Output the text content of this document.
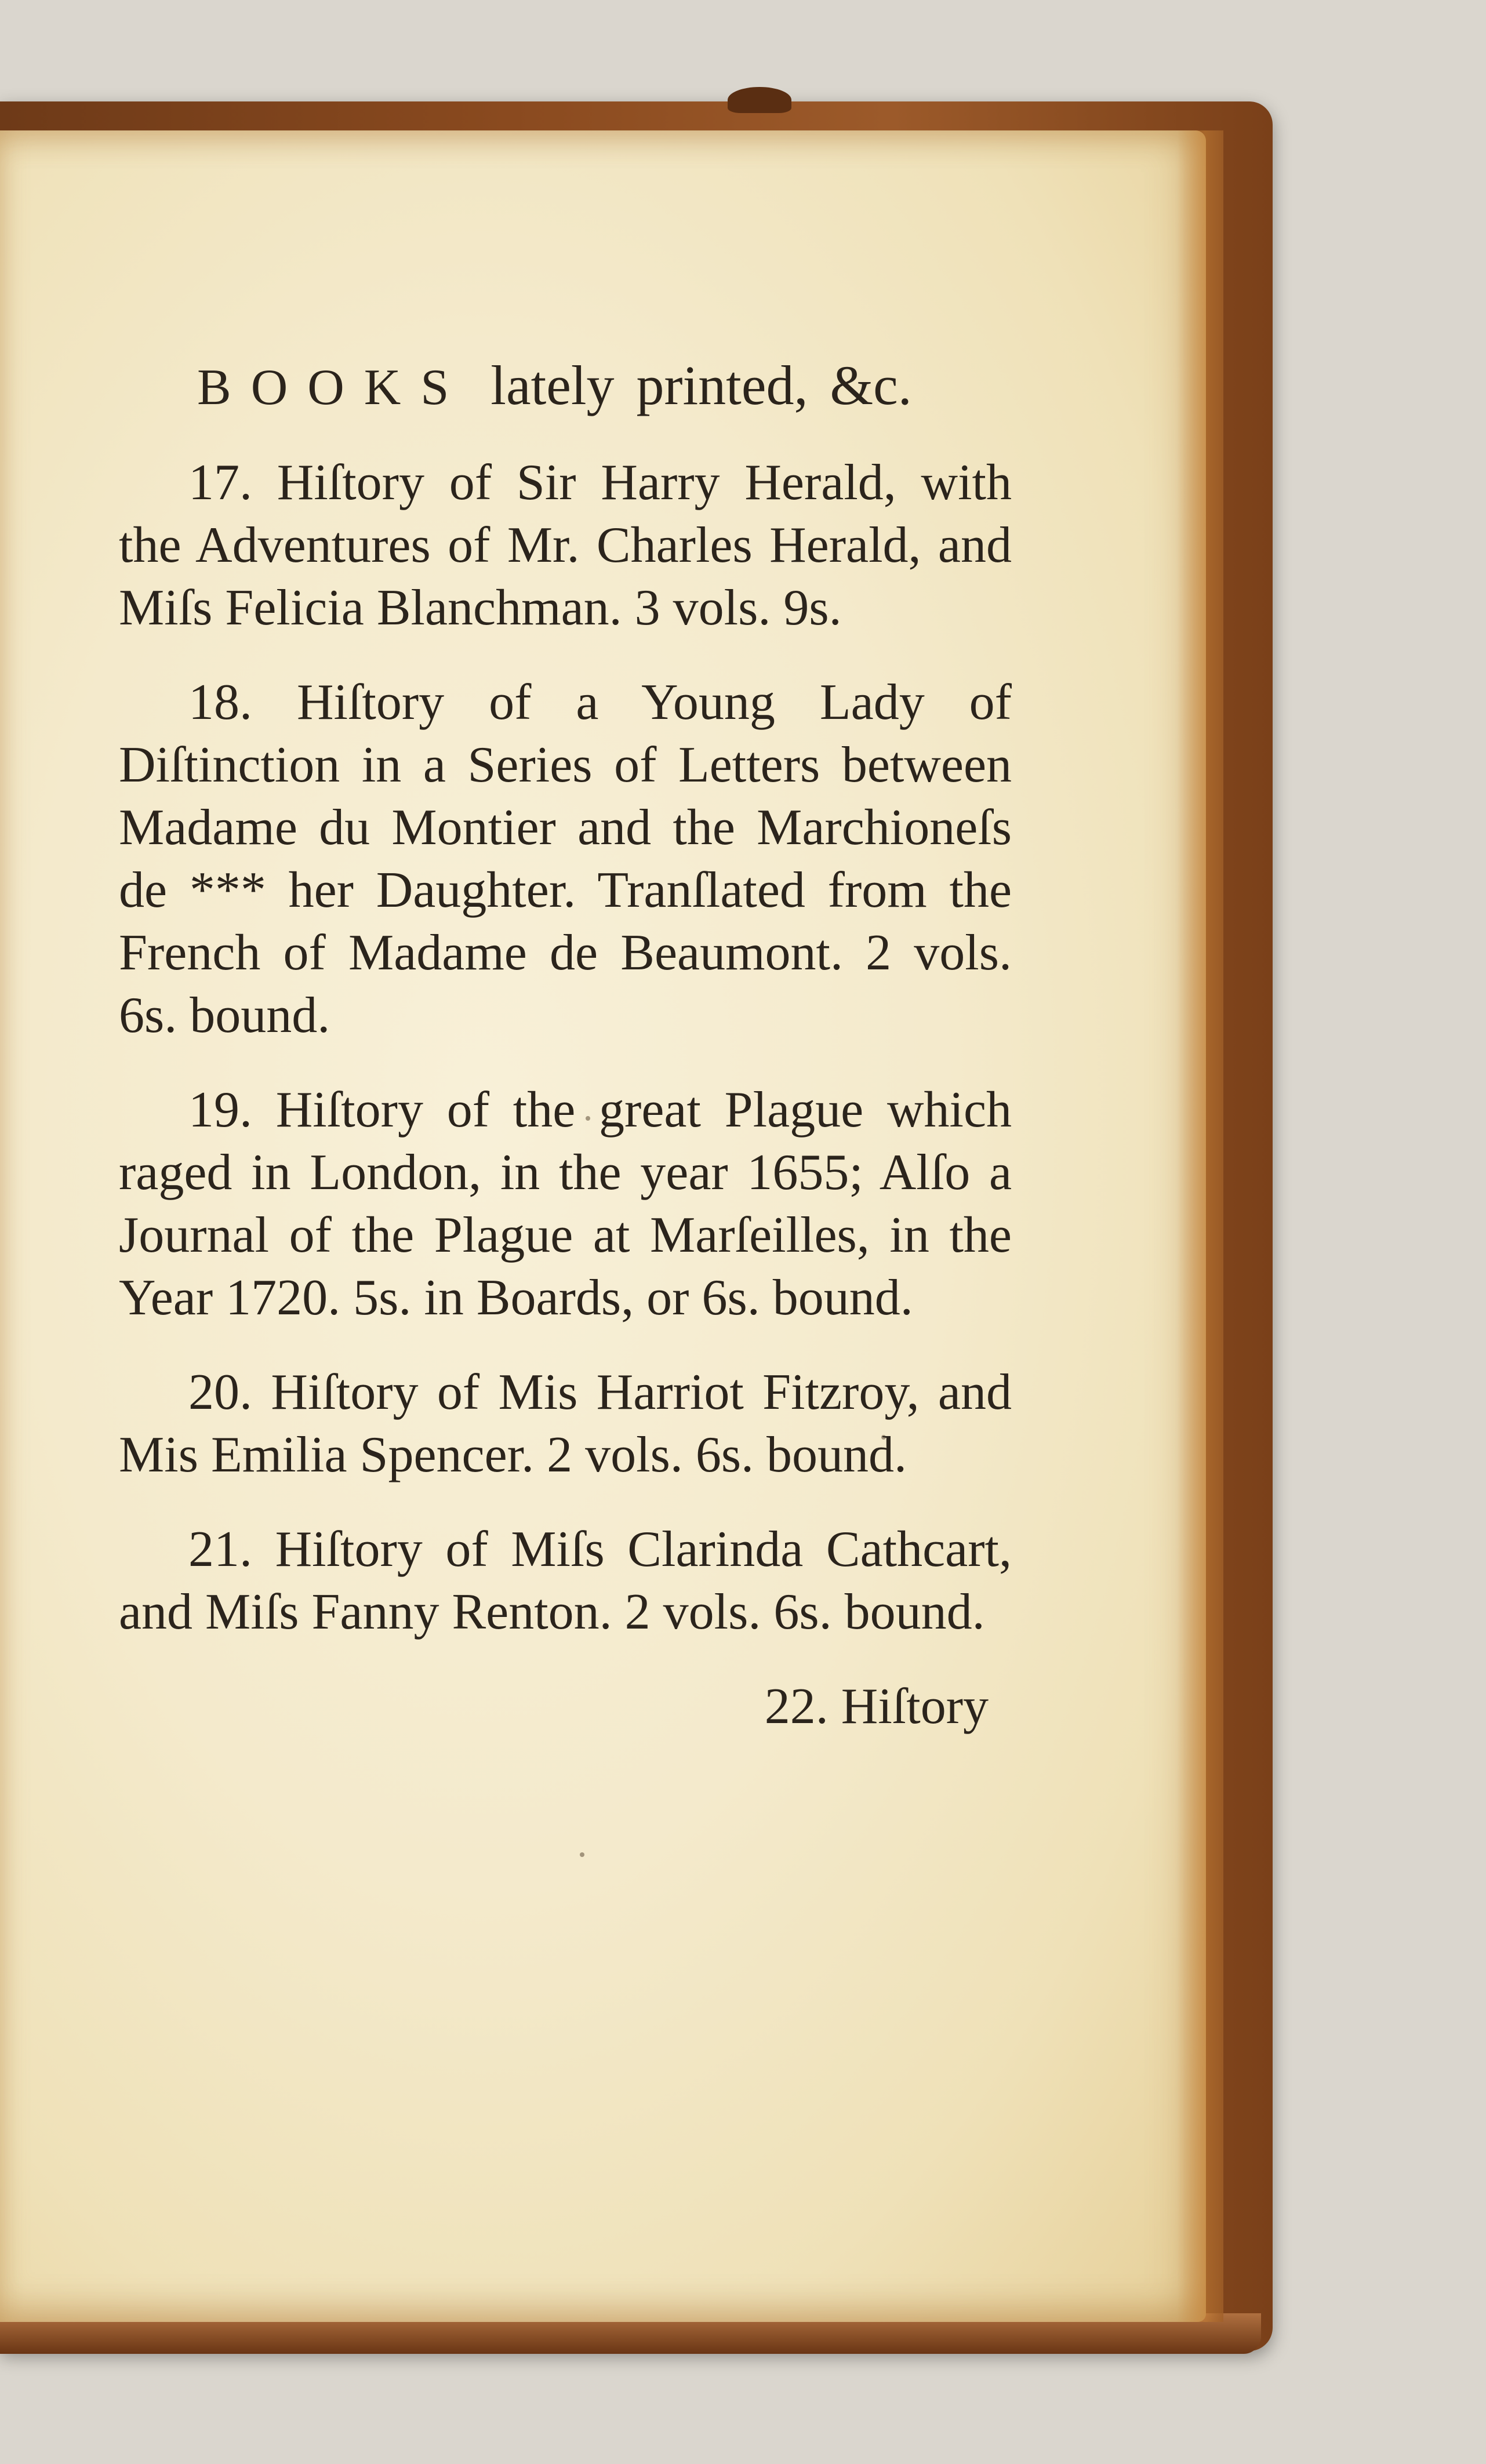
BOOKS lately printed, &c.
17. Hiſtory of Sir Harry Herald, with the Adventures of Mr. Charles Herald, and Miſs Felicia Blanchman. 3 vols. 9s.
18. Hiſtory of a Young Lady of Diſtinction in a Series of Letters between Madame du Montier and the Marchioneſs de *** her Daughter. Tranſlated from the French of Madame de Beaumont. 2 vols. 6s. bound.
19. Hiſtory of the great Plague which raged in London, in the year 1655; Alſo a Journal of the Plague at Marſeilles, in the Year 1720. 5s. in Boards, or 6s. bound.
20. Hiſtory of Mis Harriot Fitzroy, and Mis Emilia Spencer. 2 vols. 6s. bound.
21. Hiſtory of Miſs Clarinda Cathcart, and Miſs Fanny Renton. 2 vols. 6s. bound.
22. Hiſtory
